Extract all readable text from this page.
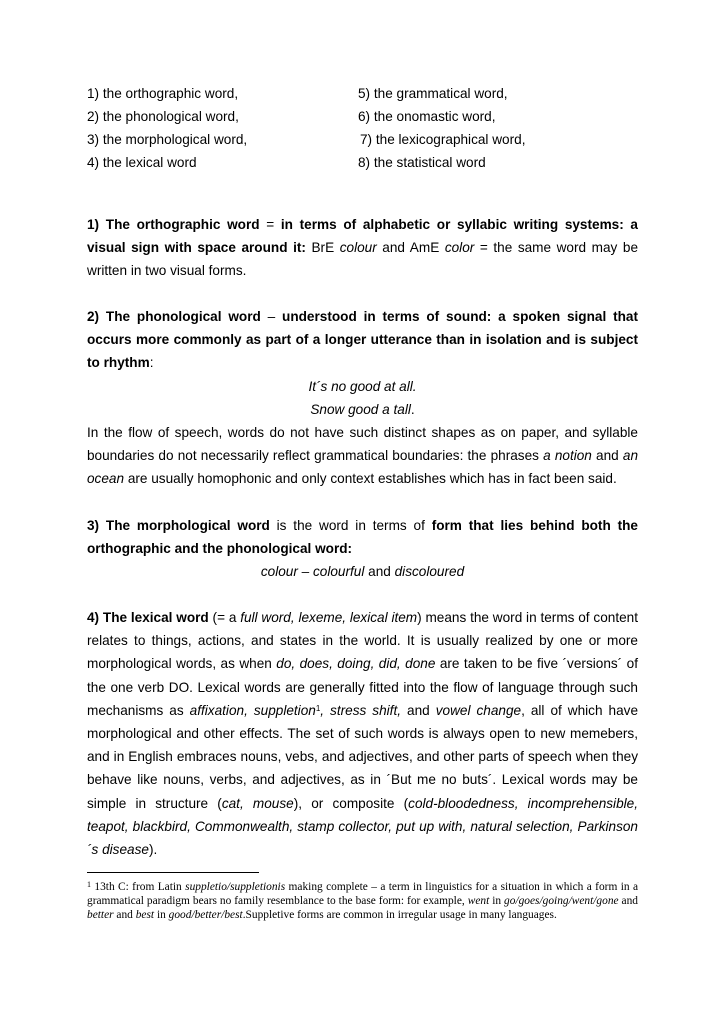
1) the orthographic word,	5) the grammatical word,
2) the phonological word,	6) the onomastic word,
3) the morphological word,	7) the lexicographical word,
4) the lexical word	8) the statistical word
1) The orthographic word = in terms of alphabetic or syllabic writing systems: a visual sign with space around it: BrE colour and AmE color = the same word may be written in two visual forms.
2) The phonological word – understood in terms of sound: a spoken signal that occurs more commonly as part of a longer utterance than in isolation and is subject to rhythm:
It´s no good at all.
Snow good a tall.
In the flow of speech, words do not have such distinct shapes as on paper, and syllable boundaries do not necessarily reflect grammatical boundaries: the phrases a notion and an ocean are usually homophonic and only context establishes which has in fact been said.
3) The morphological word is the word in terms of form that lies behind both the orthographic and the phonological word:
colour – colourful and discoloured
4) The lexical word (= a full word, lexeme, lexical item) means the word in terms of content relates to things, actions, and states in the world. It is usually realized by one or more morphological words, as when do, does, doing, did, done are taken to be five ´versions´ of the one verb DO. Lexical words are generally fitted into the flow of language through such mechanisms as affixation, suppletion$^1$, stress shift, and vowel change, all of which have morphological and other effects. The set of such words is always open to new memebers, and in English embraces nouns, vebs, and adjectives, and other parts of speech when they behave like nouns, verbs, and adjectives, as in ´But me no buts´. Lexical words may be simple in structure (cat, mouse), or composite (cold-bloodedness, incomprehensible, teapot, blackbird, Commonwealth, stamp collector, put up with, natural selection, Parkinson´s disease).
$^1$ 13th C: from Latin suppletio/suppletionis making complete – a term in linguistics for a situation in which a form in a grammatical paradigm bears no family resemblance to the base form: for example, went in go/goes/going/went/gone and better and best in good/better/best.Suppletive forms are common in irregular usage in many languages.
